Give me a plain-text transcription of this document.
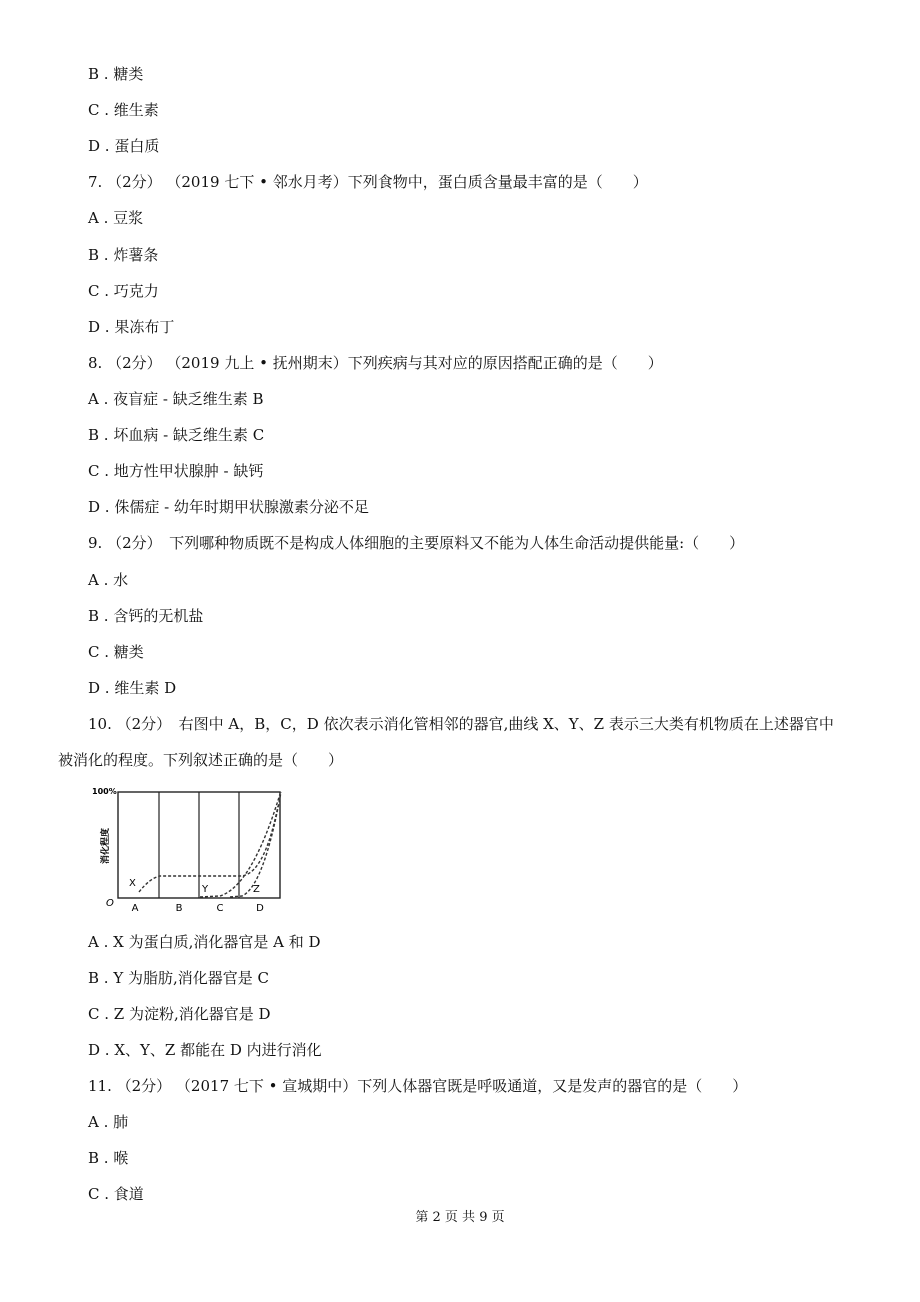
B . 糖类
C . 维生素
D . 蛋白质
7. （2分） （2019 七下 • 邻水月考）下列食物中，蛋白质含量最丰富的是（　　）
A . 豆浆
B . 炸薯条
C . 巧克力
D . 果冻布丁
8. （2分） （2019 九上 • 抚州期末）下列疾病与其对应的原因搭配正确的是（　　）
A . 夜盲症 - 缺乏维生素 B
B . 坏血病 - 缺乏维生素 C
C . 地方性甲状腺肿 - 缺钙
D . 侏儒症 - 幼年时期甲状腺激素分泌不足
9. （2分）　下列哪种物质既不是构成人体细胞的主要原料又不能为人体生命活动提供能量:（　　）
A . 水
B . 含钙的无机盐
C . 糖类
D . 维生素 D
10. （2分）　右图中 A，B，C，D 依次表示消化管相邻的器官,曲线 X、Y、Z 表示三大类有机物质在上述器官中
被消化的程度。下列叙述正确的是（　　）
100%
消化程度
O A	B	C	D
X
Y	Z
A . X 为蛋白质,消化器官是 A 和 D
B . Y 为脂肪,消化器官是 C
C . Z 为淀粉,消化器官是 D
D . X、Y、Z 都能在 D 内进行消化
11. （2分） （2017 七下 • 宣城期中）下列人体器官既是呼吸通道，又是发声的器官的是（　　）
A . 肺
B . 喉
C . 食道
第 2 页 共 9 页
